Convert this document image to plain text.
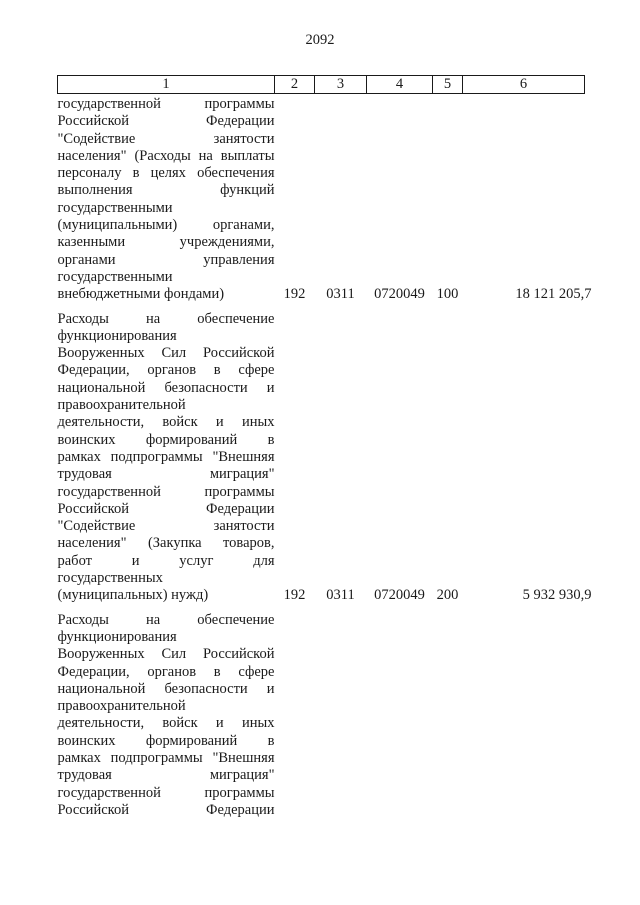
2092
1	2	3	4	5	6

государственной программы
Российской Федерации
"Содействие занятости
населения" (Расходы на выплаты
персоналу в целях обеспечения
выполнения функций
государственными
(муниципальными) органами,
казенными учреждениями,
органами управления
государственными
внебюджетными фондами)	192	0311	0720049	100	18 121 205,7

Расходы на обеспечение
функционирования
Вооруженных Сил Российской
Федерации, органов в сфере
национальной безопасности и
правоохранительной
деятельности, войск и иных
воинских формирований в
рамках подпрограммы "Внешняя
трудовая миграция"
государственной программы
Российской Федерации
"Содействие занятости
населения" (Закупка товаров,
работ и услуг для
государственных
(муниципальных) нужд)	192	0311	0720049	200	5 932 930,9

Расходы на обеспечение
функционирования
Вооруженных Сил Российской
Федерации, органов в сфере
национальной безопасности и
правоохранительной
деятельности, войск и иных
воинских формирований в
рамках подпрограммы "Внешняя
трудовая миграция"
государственной программы
Российской Федерации
